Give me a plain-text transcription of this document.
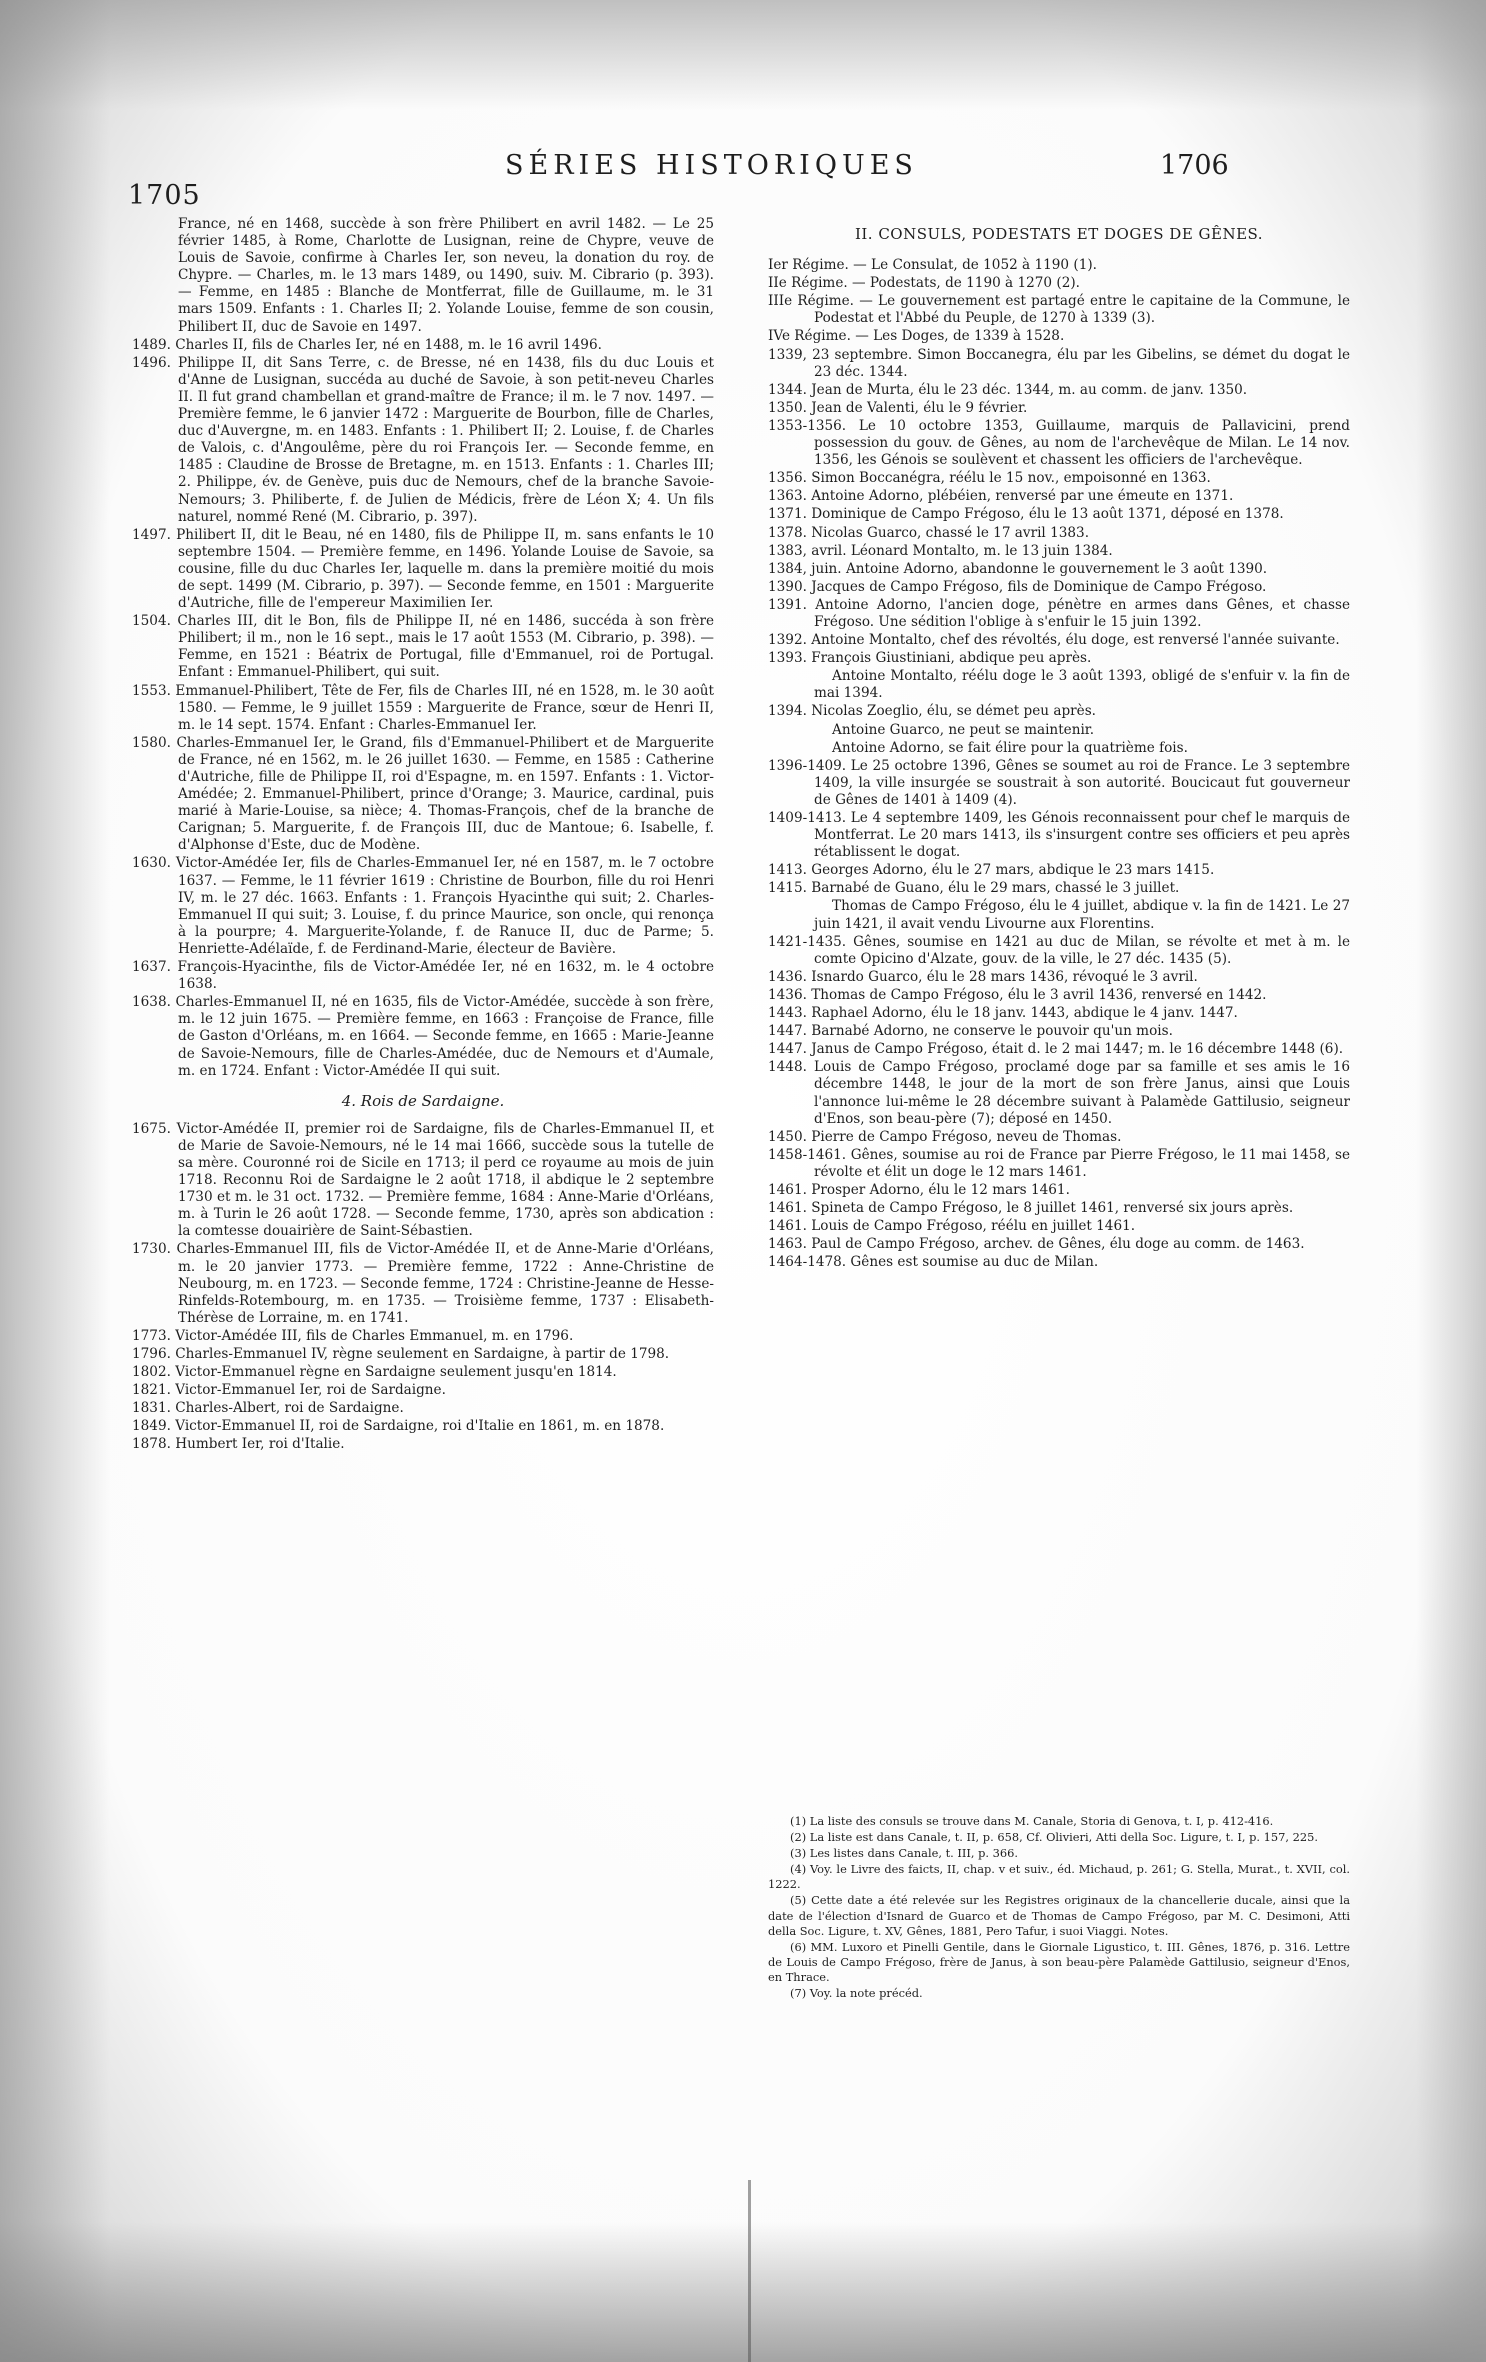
1705
SÉRIES HISTORIQUES	1706

France, né en 1468, succède à son frère Philibert en avril 1482. — Le 25 février 1485, à Rome, Charlotte de Lusignan, reine de Chypre, veuve de Louis de Savoie, confirme à Charles Ier, son neveu, la donation du roy. de Chypre. — Charles, m. le 13 mars 1489, ou 1490, suiv. M. Cibrario (p. 393). — Femme, en 1485 : Blanche de Montferrat, fille de Guillaume, m. le 31 mars 1509. Enfants : 1. Charles II; 2. Yolande Louise, femme de son cousin, Philibert II, duc de Savoie en 1497.

1489. Charles II, fils de Charles Ier, né en 1488, m. le 16 avril 1496.

1496. Philippe II, dit Sans Terre, c. de Bresse, né en 1438, fils du duc Louis et d'Anne de Lusignan, succéda au duché de Savoie, à son petit-neveu Charles II. Il fut grand chambellan et grand-maître de France; il m. le 7 nov. 1497. — Première femme, le 6 janvier 1472 : Marguerite de Bourbon, fille de Charles, duc d'Auvergne, m. en 1483. Enfants : 1. Philibert II; 2. Louise, f. de Charles de Valois, c. d'Angoulême, père du roi François Ier. — Seconde femme, en 1485 : Claudine de Brosse de Bretagne, m. en 1513. Enfants : 1. Charles III; 2. Philippe, év. de Genève, puis duc de Nemours, chef de la branche Savoie-Nemours; 3. Philiberte, f. de Julien de Médicis, frère de Léon X; 4. Un fils naturel, nommé René (M. Cibrario, p. 397).

1497. Philibert II, dit le Beau, né en 1480, fils de Philippe II, m. sans enfants le 10 septembre 1504. — Première femme, en 1496. Yolande Louise de Savoie, sa cousine, fille du duc Charles Ier, laquelle m. dans la première moitié du mois de sept. 1499 (M. Cibrario, p. 397). — Seconde femme, en 1501 : Marguerite d'Autriche, fille de l'empereur Maximilien Ier.

1504. Charles III, dit le Bon, fils de Philippe II, né en 1486, succéda à son frère Philibert; il m., non le 16 sept., mais le 17 août 1553 (M. Cibrario, p. 398). — Femme, en 1521 : Béatrix de Portugal, fille d'Emmanuel, roi de Portugal. Enfant : Emmanuel-Philibert, qui suit.

1553. Emmanuel-Philibert, Tête de Fer, fils de Charles III, né en 1528, m. le 30 août 1580. — Femme, le 9 juillet 1559 : Marguerite de France, sœur de Henri II, m. le 14 sept. 1574. Enfant : Charles-Emmanuel Ier.

1580. Charles-Emmanuel Ier, le Grand, fils d'Emmanuel-Philibert et de Marguerite de France, né en 1562, m. le 26 juillet 1630. — Femme, en 1585 : Catherine d'Autriche, fille de Philippe II, roi d'Espagne, m. en 1597. Enfants : 1. Victor-Amédée; 2. Emmanuel-Philibert, prince d'Orange; 3. Maurice, cardinal, puis marié à Marie-Louise, sa nièce; 4. Thomas-François, chef de la branche de Carignan; 5. Marguerite, f. de François III, duc de Mantoue; 6. Isabelle, f. d'Alphonse d'Este, duc de Modène.

1630. Victor-Amédée Ier, fils de Charles-Emmanuel Ier, né en 1587, m. le 7 octobre 1637. — Femme, le 11 février 1619 : Christine de Bourbon, fille du roi Henri IV, m. le 27 déc. 1663. Enfants : 1. François Hyacinthe qui suit; 2. Charles-Emmanuel II qui suit; 3. Louise, f. du prince Maurice, son oncle, qui renonça à la pourpre; 4. Marguerite-Yolande, f. de Ranuce II, duc de Parme; 5. Henriette-Adélaïde, f. de Ferdinand-Marie, électeur de Bavière.

1637. François-Hyacinthe, fils de Victor-Amédée Ier, né en 1632, m. le 4 octobre 1638.

1638. Charles-Emmanuel II, né en 1635, fils de Victor-Amédée, succède à son frère, m. le 12 juin 1675. — Première femme, en 1663 : Françoise de France, fille de Gaston d'Orléans, m. en 1664. — Seconde femme, en 1665 : Marie-Jeanne de Savoie-Nemours, fille de Charles-Amédée, duc de Nemours et d'Aumale, m. en 1724. Enfant : Victor-Amédée II qui suit.

4. Rois de Sardaigne.

1675. Victor-Amédée II, premier roi de Sardaigne, fils de Charles-Emmanuel II, et de Marie de Savoie-Nemours, né le 14 mai 1666, succède sous la tutelle de sa mère. Couronné roi de Sicile en 1713; il perd ce royaume au mois de juin 1718. Reconnu Roi de Sardaigne le 2 août 1718, il abdique le 2 septembre 1730 et m. le 31 oct. 1732. — Première femme, 1684 : Anne-Marie d'Orléans, m. à Turin le 26 août 1728. — Seconde femme, 1730, après son abdication : la comtesse douairière de Saint-Sébastien.

1730. Charles-Emmanuel III, fils de Victor-Amédée II, et de Anne-Marie d'Orléans, m. le 20 janvier 1773. — Première femme, 1722 : Anne-Christine de Neubourg, m. en 1723. — Seconde femme, 1724 : Christine-Jeanne de Hesse-Rinfelds-Rotembourg, m. en 1735. — Troisième femme, 1737 : Elisabeth-Thérèse de Lorraine, m. en 1741.

1773. Victor-Amédée III, fils de Charles Emmanuel, m. en 1796.

1796. Charles-Emmanuel IV, règne seulement en Sardaigne, à partir de 1798.

1802. Victor-Emmanuel règne en Sardaigne seulement jusqu'en 1814.

1821. Victor-Emmanuel Ier, roi de Sardaigne.

1831. Charles-Albert, roi de Sardaigne.

1849. Victor-Emmanuel II, roi de Sardaigne, roi d'Italie en 1861, m. en 1878.

1878. Humbert Ier, roi d'Italie.

II. CONSULS, PODESTATS ET DOGES DE GÊNES.

Ier Régime. — Le Consulat, de 1052 à 1190 (1).

IIe Régime. — Podestats, de 1190 à 1270 (2).

IIIe Régime. — Le gouvernement est partagé entre le capitaine de la Commune, le Podestat et l'Abbé du Peuple, de 1270 à 1339 (3).

IVe Régime. — Les Doges, de 1339 à 1528.

1339, 23 septembre. Simon Boccanegra, élu par les Gibelins, se démet du dogat le 23 déc. 1344.

1344. Jean de Murta, élu le 23 déc. 1344, m. au comm. de janv. 1350.

1350. Jean de Valenti, élu le 9 février.

1353-1356. Le 10 octobre 1353, Guillaume, marquis de Pallavicini, prend possession du gouv. de Gênes, au nom de l'archevêque de Milan. Le 14 nov. 1356, les Génois se soulèvent et chassent les officiers de l'archevêque.

1356. Simon Boccanégra, réélu le 15 nov., empoisonné en 1363.

1363. Antoine Adorno, plébéien, renversé par une émeute en 1371.

1371. Dominique de Campo Frégoso, élu le 13 août 1371, déposé en 1378.

1378. Nicolas Guarco, chassé le 17 avril 1383.

1383, avril. Léonard Montalto, m. le 13 juin 1384.

1384, juin. Antoine Adorno, abandonne le gouvernement le 3 août 1390.

1390. Jacques de Campo Frégoso, fils de Dominique de Campo Frégoso.

1391. Antoine Adorno, l'ancien doge, pénètre en armes dans Gênes, et chasse Frégoso. Une sédition l'oblige à s'enfuir le 15 juin 1392.

1392. Antoine Montalto, chef des révoltés, élu doge, est renversé l'année suivante.

1393. François Giustiniani, abdique peu après.

Antoine Montalto, réélu doge le 3 août 1393, obligé de s'enfuir v. la fin de mai 1394.

1394. Nicolas Zoeglio, élu, se démet peu après.

Antoine Guarco, ne peut se maintenir.

Antoine Adorno, se fait élire pour la quatrième fois.

1396-1409. Le 25 octobre 1396, Gênes se soumet au roi de France. Le 3 septembre 1409, la ville insurgée se soustrait à son autorité. Boucicaut fut gouverneur de Gênes de 1401 à 1409 (4).

1409-1413. Le 4 septembre 1409, les Génois reconnaissent pour chef le marquis de Montferrat. Le 20 mars 1413, ils s'insurgent contre ses officiers et peu après rétablissent le dogat.

1413. Georges Adorno, élu le 27 mars, abdique le 23 mars 1415.

1415. Barnabé de Guano, élu le 29 mars, chassé le 3 juillet.

Thomas de Campo Frégoso, élu le 4 juillet, abdique v. la fin de 1421. Le 27 juin 1421, il avait vendu Livourne aux Florentins.

1421-1435. Gênes, soumise en 1421 au duc de Milan, se révolte et met à m. le comte Opicino d'Alzate, gouv. de la ville, le 27 déc. 1435 (5).

1436. Isnardo Guarco, élu le 28 mars 1436, révoqué le 3 avril.

1436. Thomas de Campo Frégoso, élu le 3 avril 1436, renversé en 1442.

1443. Raphael Adorno, élu le 18 janv. 1443, abdique le 4 janv. 1447.

1447. Barnabé Adorno, ne conserve le pouvoir qu'un mois.

1447. Janus de Campo Frégoso, était d. le 2 mai 1447; m. le 16 décembre 1448 (6).

1448. Louis de Campo Frégoso, proclamé doge par sa famille et ses amis le 16 décembre 1448, le jour de la mort de son frère Janus, ainsi que Louis l'annonce lui-même le 28 décembre suivant à Palamède Gattilusio, seigneur d'Enos, son beau-père (7); déposé en 1450.

1450. Pierre de Campo Frégoso, neveu de Thomas.

1458-1461. Gênes, soumise au roi de France par Pierre Frégoso, le 11 mai 1458, se révolte et élit un doge le 12 mars 1461.

1461. Prosper Adorno, élu le 12 mars 1461.

1461. Spineta de Campo Frégoso, le 8 juillet 1461, renversé six jours après.

1461. Louis de Campo Frégoso, réélu en juillet 1461.

1463. Paul de Campo Frégoso, archev. de Gênes, élu doge au comm. de 1463.

1464-1478. Gênes est soumise au duc de Milan.

(1) La liste des consuls se trouve dans M. Canale, Storia di Genova, t. I, p. 412-416.

(2) La liste est dans Canale, t. II, p. 658, Cf. Olivieri, Atti della Soc. Ligure, t. I, p. 157, 225.

(3) Les listes dans Canale, t. III, p. 366.

(4) Voy. le Livre des faicts, II, chap. v et suiv., éd. Michaud, p. 261; G. Stella, Murat., t. XVII, col. 1222.

(5) Cette date a été relevée sur les Registres originaux de la chancellerie ducale, ainsi que la date de l'élection d'Isnard de Guarco et de Thomas de Campo Frégoso, par M. C. Desimoni, Atti della Soc. Ligure, t. XV, Gênes, 1881, Pero Tafur, i suoi Viaggi. Notes.

(6) MM. Luxoro et Pinelli Gentile, dans le Giornale Ligustico, t. III. Gênes, 1876, p. 316. Lettre de Louis de Campo Frégoso, frère de Janus, à son beau-père Palamède Gattilusio, seigneur d'Enos, en Thrace.

(7) Voy. la note précéd.
